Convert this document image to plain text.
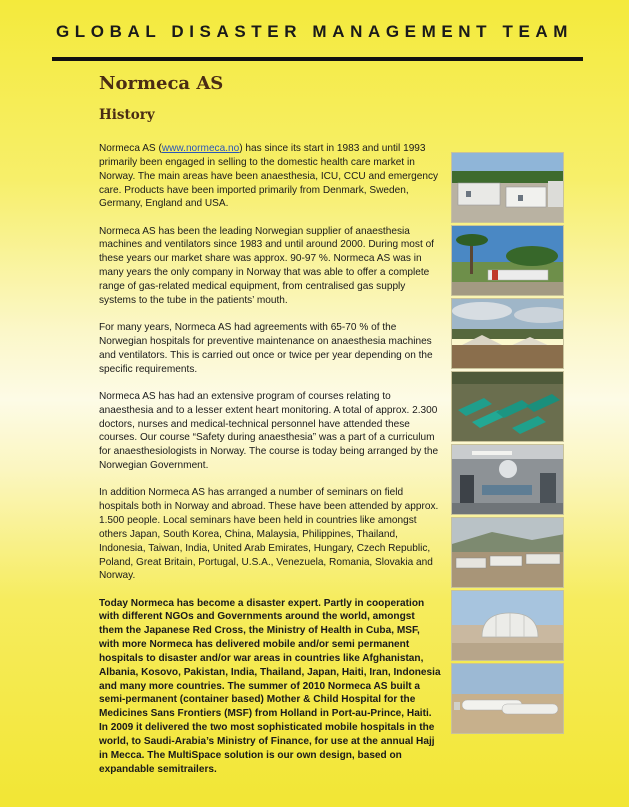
GLOBAL DISASTER MANAGEMENT TEAM
Normeca AS
History

Normeca AS (www.normeca.no) has since its start in 1983 and until 1993 primarily been engaged in selling to the domestic health care market in Norway. The main areas have been anaesthesia, ICU, CCU and emergency care. Products have been imported primarily from Denmark, Sweden, Germany, England and USA.

Normeca AS has been the leading Norwegian supplier of anaesthesia machines and ventilators since 1983 and until around 2000. During most of these years our market share was approx. 90-97 %. Normeca AS was in many years the only company in Norway that was able to offer a complete range of gas-related medical equipment, from centralised gas supply systems to the tube in the patients’ mouth.

For many years, Normeca AS had agreements with 65-70 % of the Norwegian hospitals for preventive maintenance on anaesthesia machines and ventilators. This is carried out once or twice per year depending on the specific requirements.

Normeca AS has had an extensive program of courses relating to anaesthesia and to a lesser extent heart monitoring. A total of approx. 2.300 doctors, nurses and medical-technical personnel have attended these courses. Our course “Safety during anaesthesia” was a part of a curriculum for anaesthesiologists in Norway. The course is today being arranged by the Norwegian Government.

In addition Normeca AS has arranged a number of seminars on field hospitals both in Norway and abroad. These have been attended by approx. 1.500 people. Local seminars have been held in countries like amongst others Japan, South Korea, China, Malaysia, Philippines, Thailand, Indonesia, Taiwan, India, United Arab Emirates, Hungary, Czech Republic, Poland, Great Britain, Portugal, U.S.A., Venezuela, Romania, Slovakia and Norway.

Today Normeca has become a disaster expert. Partly in cooperation with different NGOs and Governments around the world, amongst them the Japanese Red Cross, the Ministry of Health in Cuba, MSF, with more Normeca has delivered mobile and/or semi permanent hospitals to disaster and/or war areas in countries like Afghanistan, Albania, Kosovo, Pakistan, India, Thailand, Japan, Haiti, Iran, Indonesia and many more countries. The summer of 2010 Normeca AS built a semi-permanent (container based) Mother & Child Hospital for the Medicines Sans Frontiers (MSF) from Holland in Port-au-Prince, Haiti. In 2009 it delivered the two most sophisticated mobile hospitals in the world, to Saudi-Arabia’s Ministry of Finance, for use at the annual Hajj in Mecca. The MultiSpace solution is our own design, based on expandable semitrailers.
